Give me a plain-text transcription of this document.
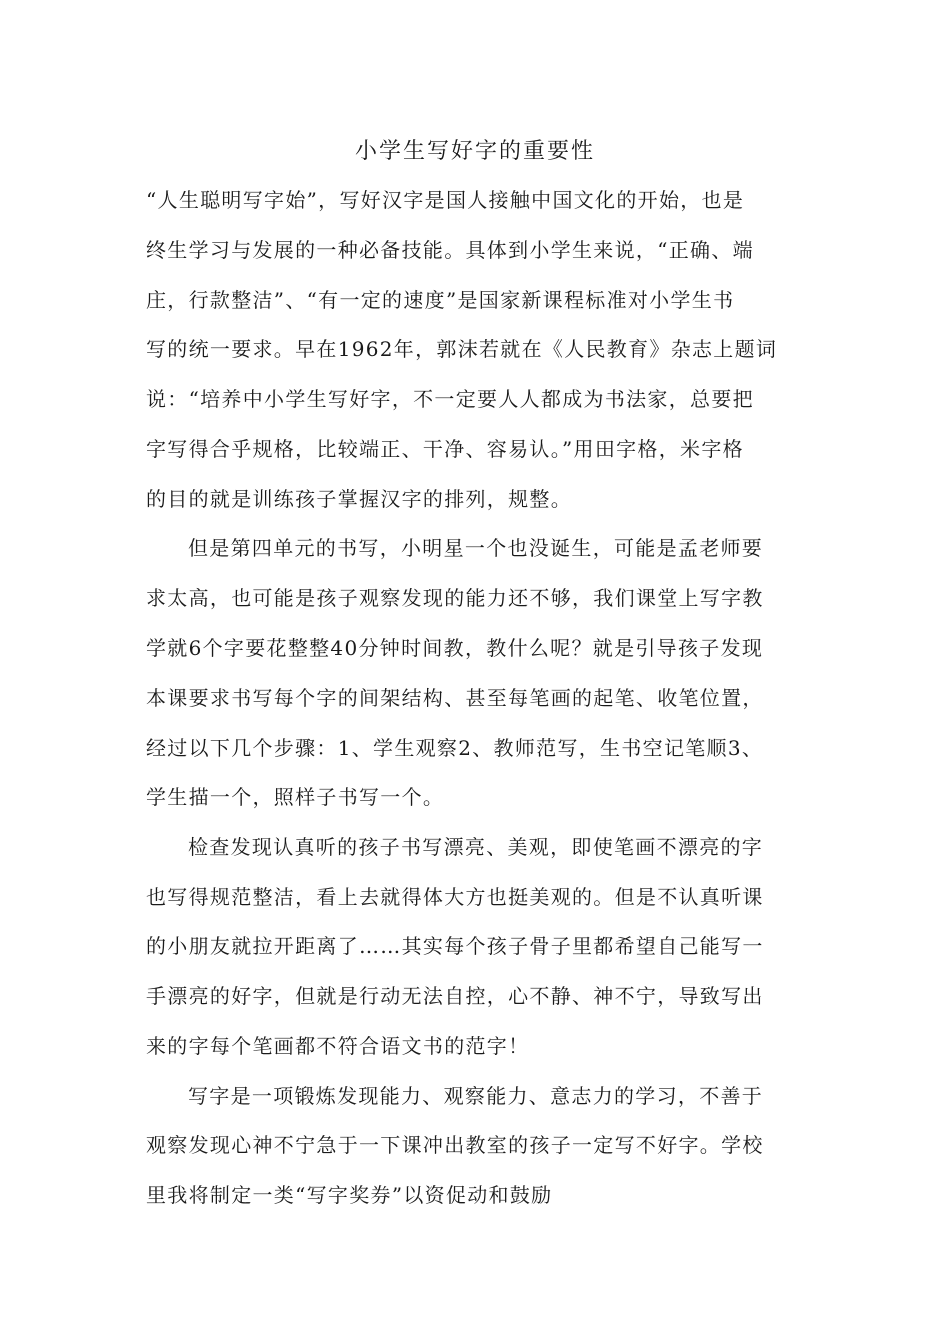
小学生写好字的重要性
“人生聪明写字始”，写好汉字是国人接触中国文化的开始，也是
终生学习与发展的一种必备技能。具体到小学生来说，“正确、端
庄，行款整洁”、“有一定的速度”是国家新课程标准对小学生书
写的统一要求。早在1962年，郭沫若就在《人民教育》杂志上题词
说：“培养中小学生写好字，不一定要人人都成为书法家，总要把
字写得合乎规格，比较端正、干净、容易认。”用田字格，米字格
的目的就是训练孩子掌握汉字的排列，规整。
但是第四单元的书写，小明星一个也没诞生，可能是孟老师要
求太高，也可能是孩子观察发现的能力还不够，我们课堂上写字教
学就6个字要花整整40分钟时间教，教什么呢？就是引导孩子发现
本课要求书写每个字的间架结构、甚至每笔画的起笔、收笔位置，
经过以下几个步骤：1、学生观察2、教师范写，生书空记笔顺3、
学生描一个，照样子书写一个。
检查发现认真听的孩子书写漂亮、美观，即使笔画不漂亮的字
也写得规范整洁，看上去就得体大方也挺美观的。但是不认真听课
的小朋友就拉开距离了……其实每个孩子骨子里都希望自己能写一
手漂亮的好字，但就是行动无法自控，心不静、神不宁，导致写出
来的字每个笔画都不符合语文书的范字！
写字是一项锻炼发现能力、观察能力、意志力的学习，不善于
观察发现心神不宁急于一下课冲出教室的孩子一定写不好字。学校
里我将制定一类“写字奖券”以资促动和鼓励
